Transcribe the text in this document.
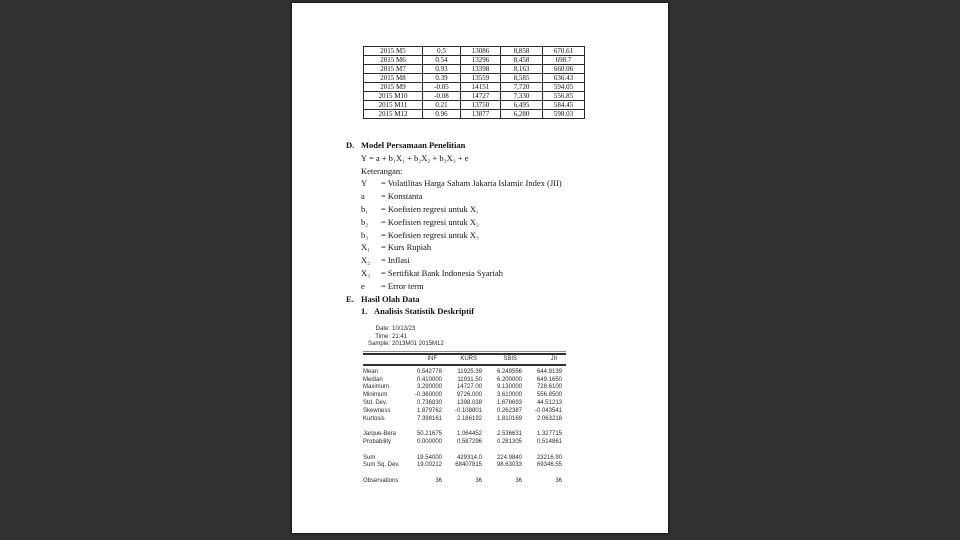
2015 M5	0.5	13086	8,858	670.61
2015 M6	0.54	13296	8,458	698.7
2015 M7	0.93	13398	8,163	660.06
2015 M8	0.39	13559	8,585	636.43
2015 M9	-0.05	14151	7,720	594.05
2015 M10	-0.08	14727	7,330	556.85
2015 M11	0.21	13750	6,495	584.45
2015 M12	0.96	13877	6,280	598.03
D. Model Persamaan Penelitian
Y = a + b₁X₁ + b₂X₂ + b₃X₃ + e
Keterangan:
Y	= Volatilitas Harga Saham Jakarta Islamic Index (JII)
a	= Konstanta
b₁	= Koefisien regresi untuk X₁
b₂	= Koefisien regresi untuk X₂
b₃	= Koefisien regresi untuk X₃
X₁	= Kurs Rupiah
X₂	= Inflasi
X₃	= Sertifikat Bank Indonesia Syariah
e	= Error term
E. Hasil Olah Data
1. Analisis Statistik Deskriptif
Date: 10/13/23
Time: 21:41
Sample: 2013M01 2015M12
INF	KURS	SBIS	JII
Mean	0.542778	11925.39	6.249556	644.9139
Median	0.410000	11931.50	6.200000	649.1650
Maximum	3.290000	14727.00	9.130000	728.6100
Minimum	-0.360000	9726.000	3.610000	556.8500
Std. Dev.	0.736830	1398.038	1.678693	44.51213
Skewness	1.879762	-0.108801	0.262387	-0.043541
Kurtosis	7.398161	2.186192	1.810169	2.063218
Jarque-Bera	50.21675	1.064452	2.536631	1.327715
Probability	0.000000	0.587296	0.281305	0.514861
Sum	19.54000	429314.0	224.9840	23216.90
Sum Sq. Dev.	19.00212	68407815	98.63033	69346.55
Observations	36	36	36	36
